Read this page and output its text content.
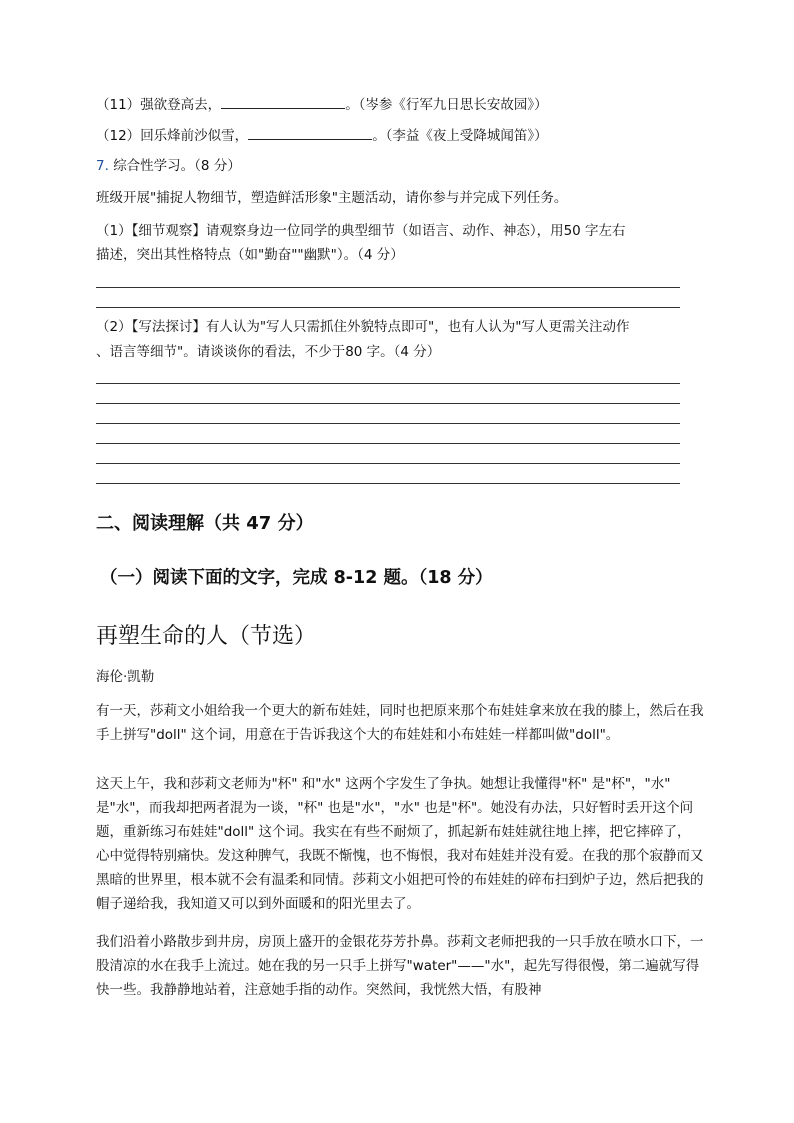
（11）强欲登高去，	。（岑参《行军九日思长安故园》）
（12）回乐烽前沙似雪，	。（李益《夜上受降城闻笛》）
7. 综合性学习。（8 分）
班级开展"捕捉人物细节，塑造鲜活形象"主题活动，请你参与并完成下列任务。
（1）【细节观察】请观察身边一位同学的典型细节（如语言、动作、神态），用50 字左右
描述，突出其性格特点（如"勤奋""幽默"）。（4 分）
（2）【写法探讨】有人认为"写人只需抓住外貌特点即可"，也有人认为"写人更需关注动作
、语言等细节"。请谈谈你的看法，不少于80 字。（4 分）
二、阅读理解（共 47 分）
（一）阅读下面的文字，完成 8-12 题。（18 分）
再塑生命的人（节选）
海伦·凯勒
有一天，莎莉文小姐给我一个更大的新布娃娃，同时也把原来那个布娃娃拿来放在我的膝上，然后在我手上拼写"doll" 这个词，用意在于告诉我这个大的布娃娃和小布娃娃一样都叫做"doll"。
这天上午，我和莎莉文老师为"杯" 和"水" 这两个字发生了争执。她想让我懂得"杯" 是"杯"，"水" 是"水"，而我却把两者混为一谈，"杯" 也是"水"，"水" 也是"杯"。她没有办法，只好暂时丢开这个问题，重新练习布娃娃"doll" 这个词。我实在有些不耐烦了，抓起新布娃娃就往地上摔，把它摔碎了，心中觉得特别痛快。发这种脾气，我既不惭愧，也不悔恨，我对布娃娃并没有爱。在我的那个寂静而又黑暗的世界里，根本就不会有温柔和同情。莎莉文小姐把可怜的布娃娃的碎布扫到炉子边，然后把我的帽子递给我，我知道又可以到外面暖和的阳光里去了。
我们沿着小路散步到井房，房顶上盛开的金银花芬芳扑鼻。莎莉文老师把我的一只手放在喷水口下，一股清凉的水在我手上流过。她在我的另一只手上拼写"water"——"水"，起先写得很慢，第二遍就写得快一些。我静静地站着，注意她手指的动作。突然间，我恍然大悟，有股神
